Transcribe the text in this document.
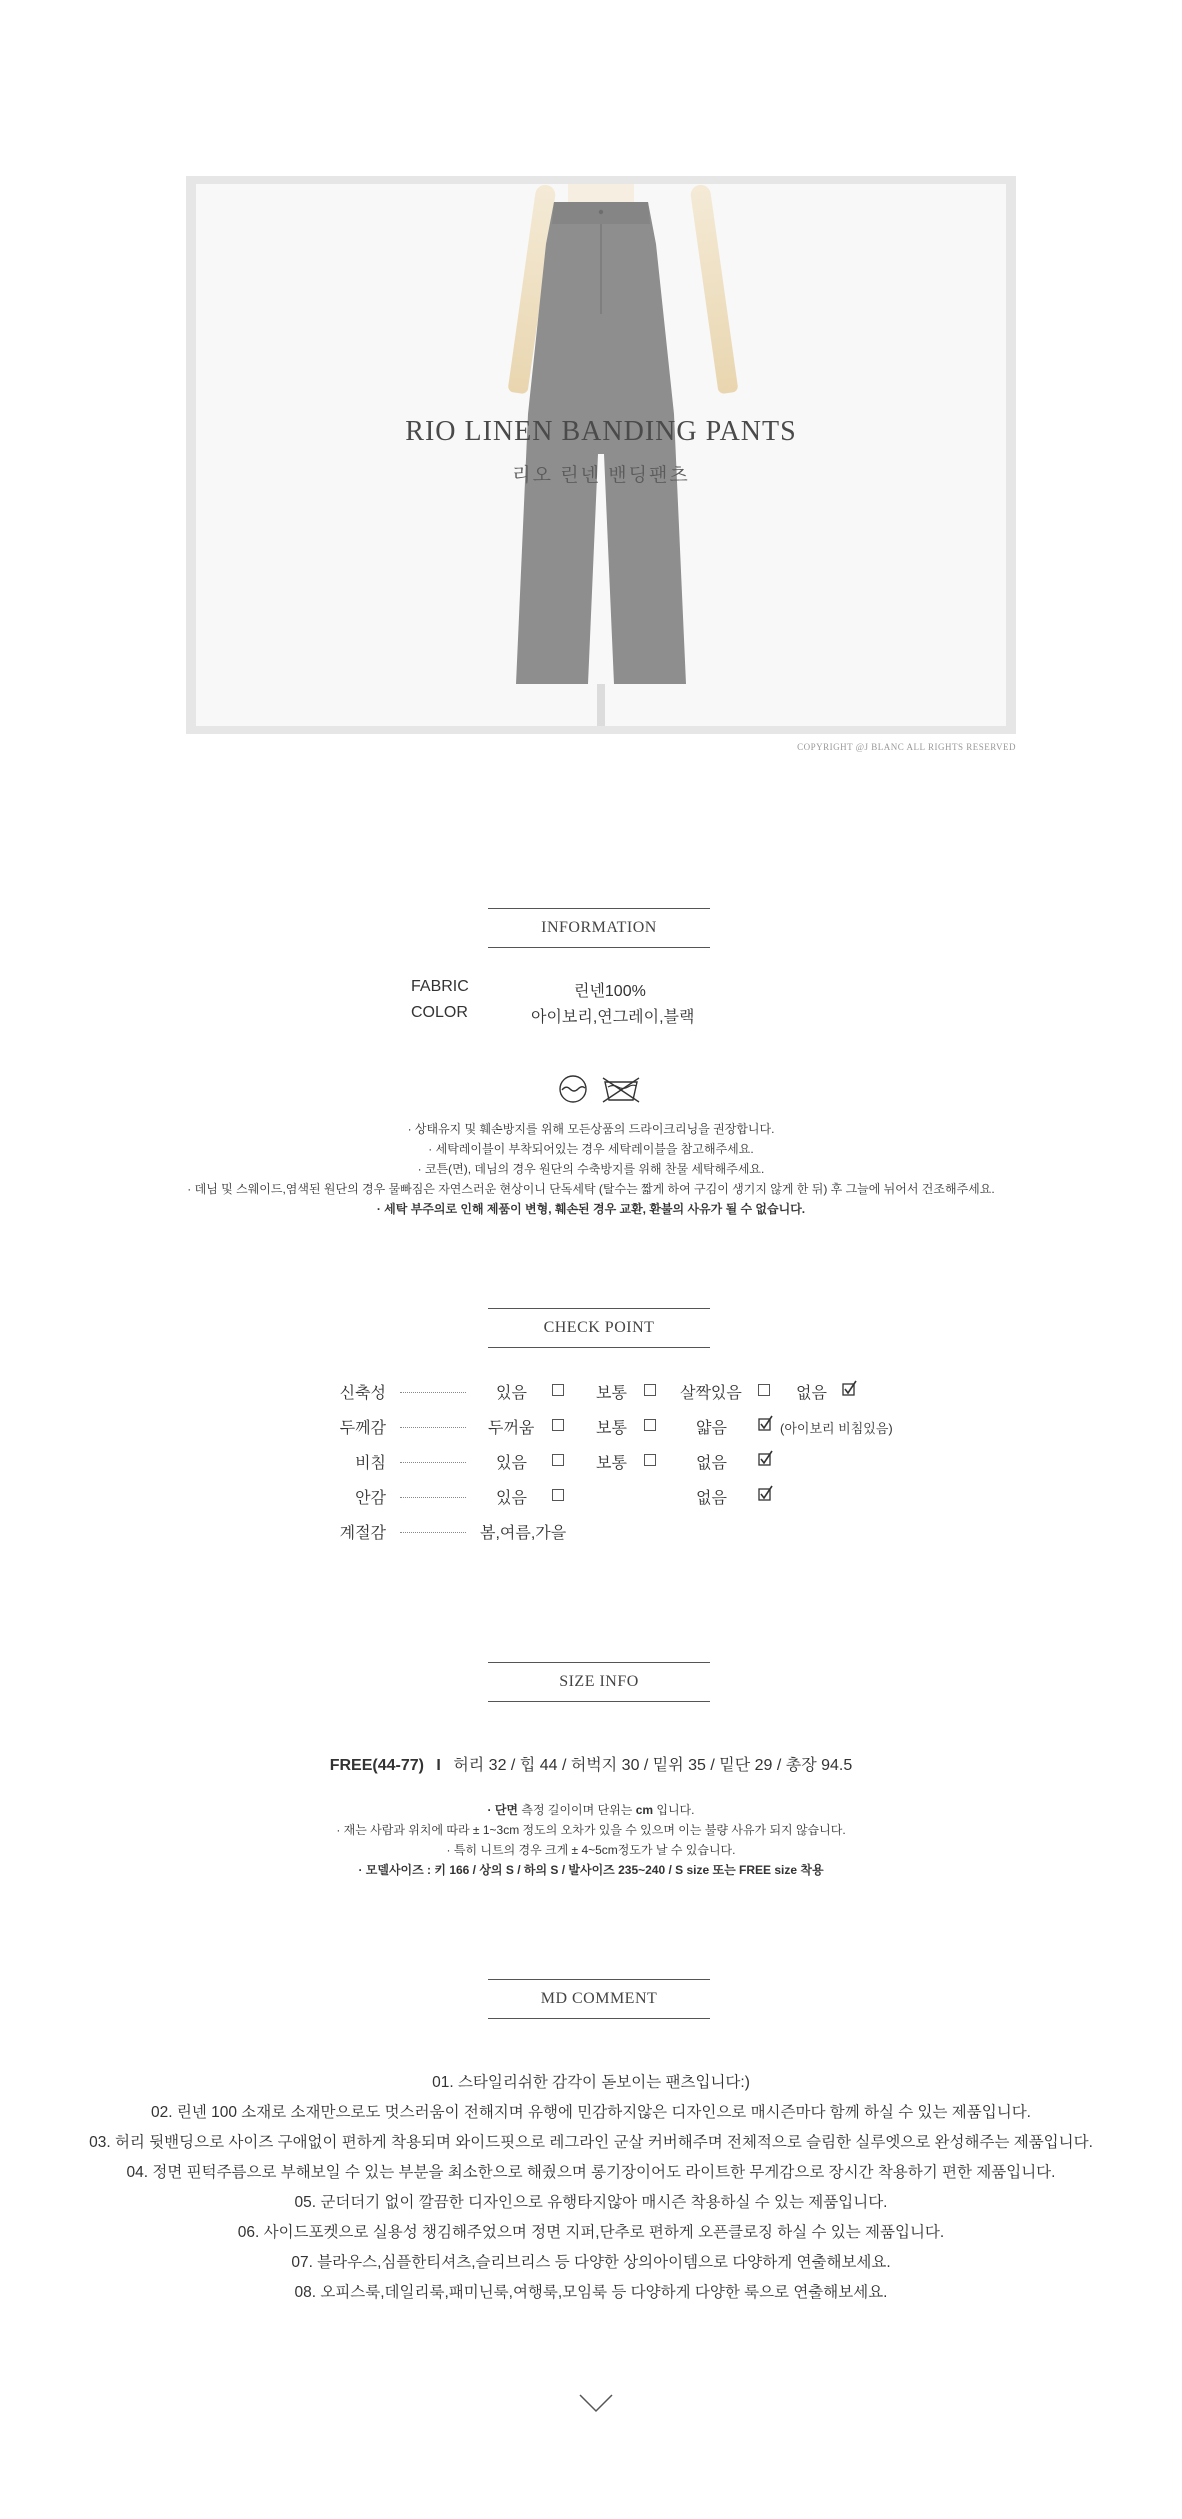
RIO LINEN BANDING PANTS
리오 린넨 밴딩팬츠
COPYRIGHT @J BLANC ALL RIGHTS RESERVED
INFORMATION
FABRIC	린넨100%
COLOR	아이보리,연그레이,블랙
· 상태유지 및 훼손방지를 위해 모든상품의 드라이크리닝을 권장합니다.
· 세탁레이블이 부착되어있는 경우 세탁레이블을 참고해주세요.
· 코튼(면), 데님의 경우 원단의 수축방지를 위해 찬물 세탁해주세요.
· 데님 및 스웨이드,염색된 원단의 경우 물빠짐은 자연스러운 현상이니 단독세탁 (탈수는 짧게 하여 구김이 생기지 않게 한 뒤) 후 그늘에 뉘어서 건조해주세요.
· 세탁 부주의로 인해 제품이 변형, 훼손된 경우 교환, 환불의 사유가 될 수 없습니다.
CHECK POINT
신축성	있음	보통	살짝있음	없음
두께감	두꺼움	보통	얇음	(아이보리 비침있음)
비침	있음	보통	없음
안감	있음	없음
계절감	봄,여름,가을
SIZE INFO
FREE(44-77) I 허리 32 / 힙 44 / 허벅지 30 / 밑위 35 / 밑단 29 / 총장 94.5
· 단면 측정 길이이며 단위는 cm 입니다.
· 재는 사람과 위치에 따라 ± 1~3cm 정도의 오차가 있을 수 있으며 이는 불량 사유가 되지 않습니다.
· 특히 니트의 경우 크게 ± 4~5cm정도가 날 수 있습니다.
· 모델사이즈 : 키 166 / 상의 S / 하의 S / 발사이즈 235~240 / S size 또는 FREE size 착용
MD COMMENT
01. 스타일리쉬한 감각이 돋보이는 팬츠입니다:)
02. 린넨 100 소재로 소재만으로도 멋스러움이 전해지며 유행에 민감하지않은 디자인으로 매시즌마다 함께 하실 수 있는 제품입니다.
03. 허리 뒷밴딩으로 사이즈 구애없이 편하게 착용되며 와이드핏으로 레그라인 군살 커버해주며 전체적으로 슬림한 실루엣으로 완성해주는 제품입니다.
04. 정면 핀턱주름으로 부해보일 수 있는 부분을 최소한으로 해줬으며 롱기장이어도 라이트한 무게감으로 장시간 착용하기 편한 제품입니다.
05. 군더더기 없이 깔끔한 디자인으로 유행타지않아 매시즌 착용하실 수 있는 제품입니다.
06. 사이드포켓으로 실용성 챙김해주었으며 정면 지퍼,단추로 편하게 오픈클로징 하실 수 있는 제품입니다.
07. 블라우스,심플한티셔츠,슬리브리스 등 다양한 상의아이템으로 다양하게 연출해보세요.
08. 오피스룩,데일리룩,패미닌룩,여행룩,모임룩 등 다양하게 다양한 룩으로 연출해보세요.
